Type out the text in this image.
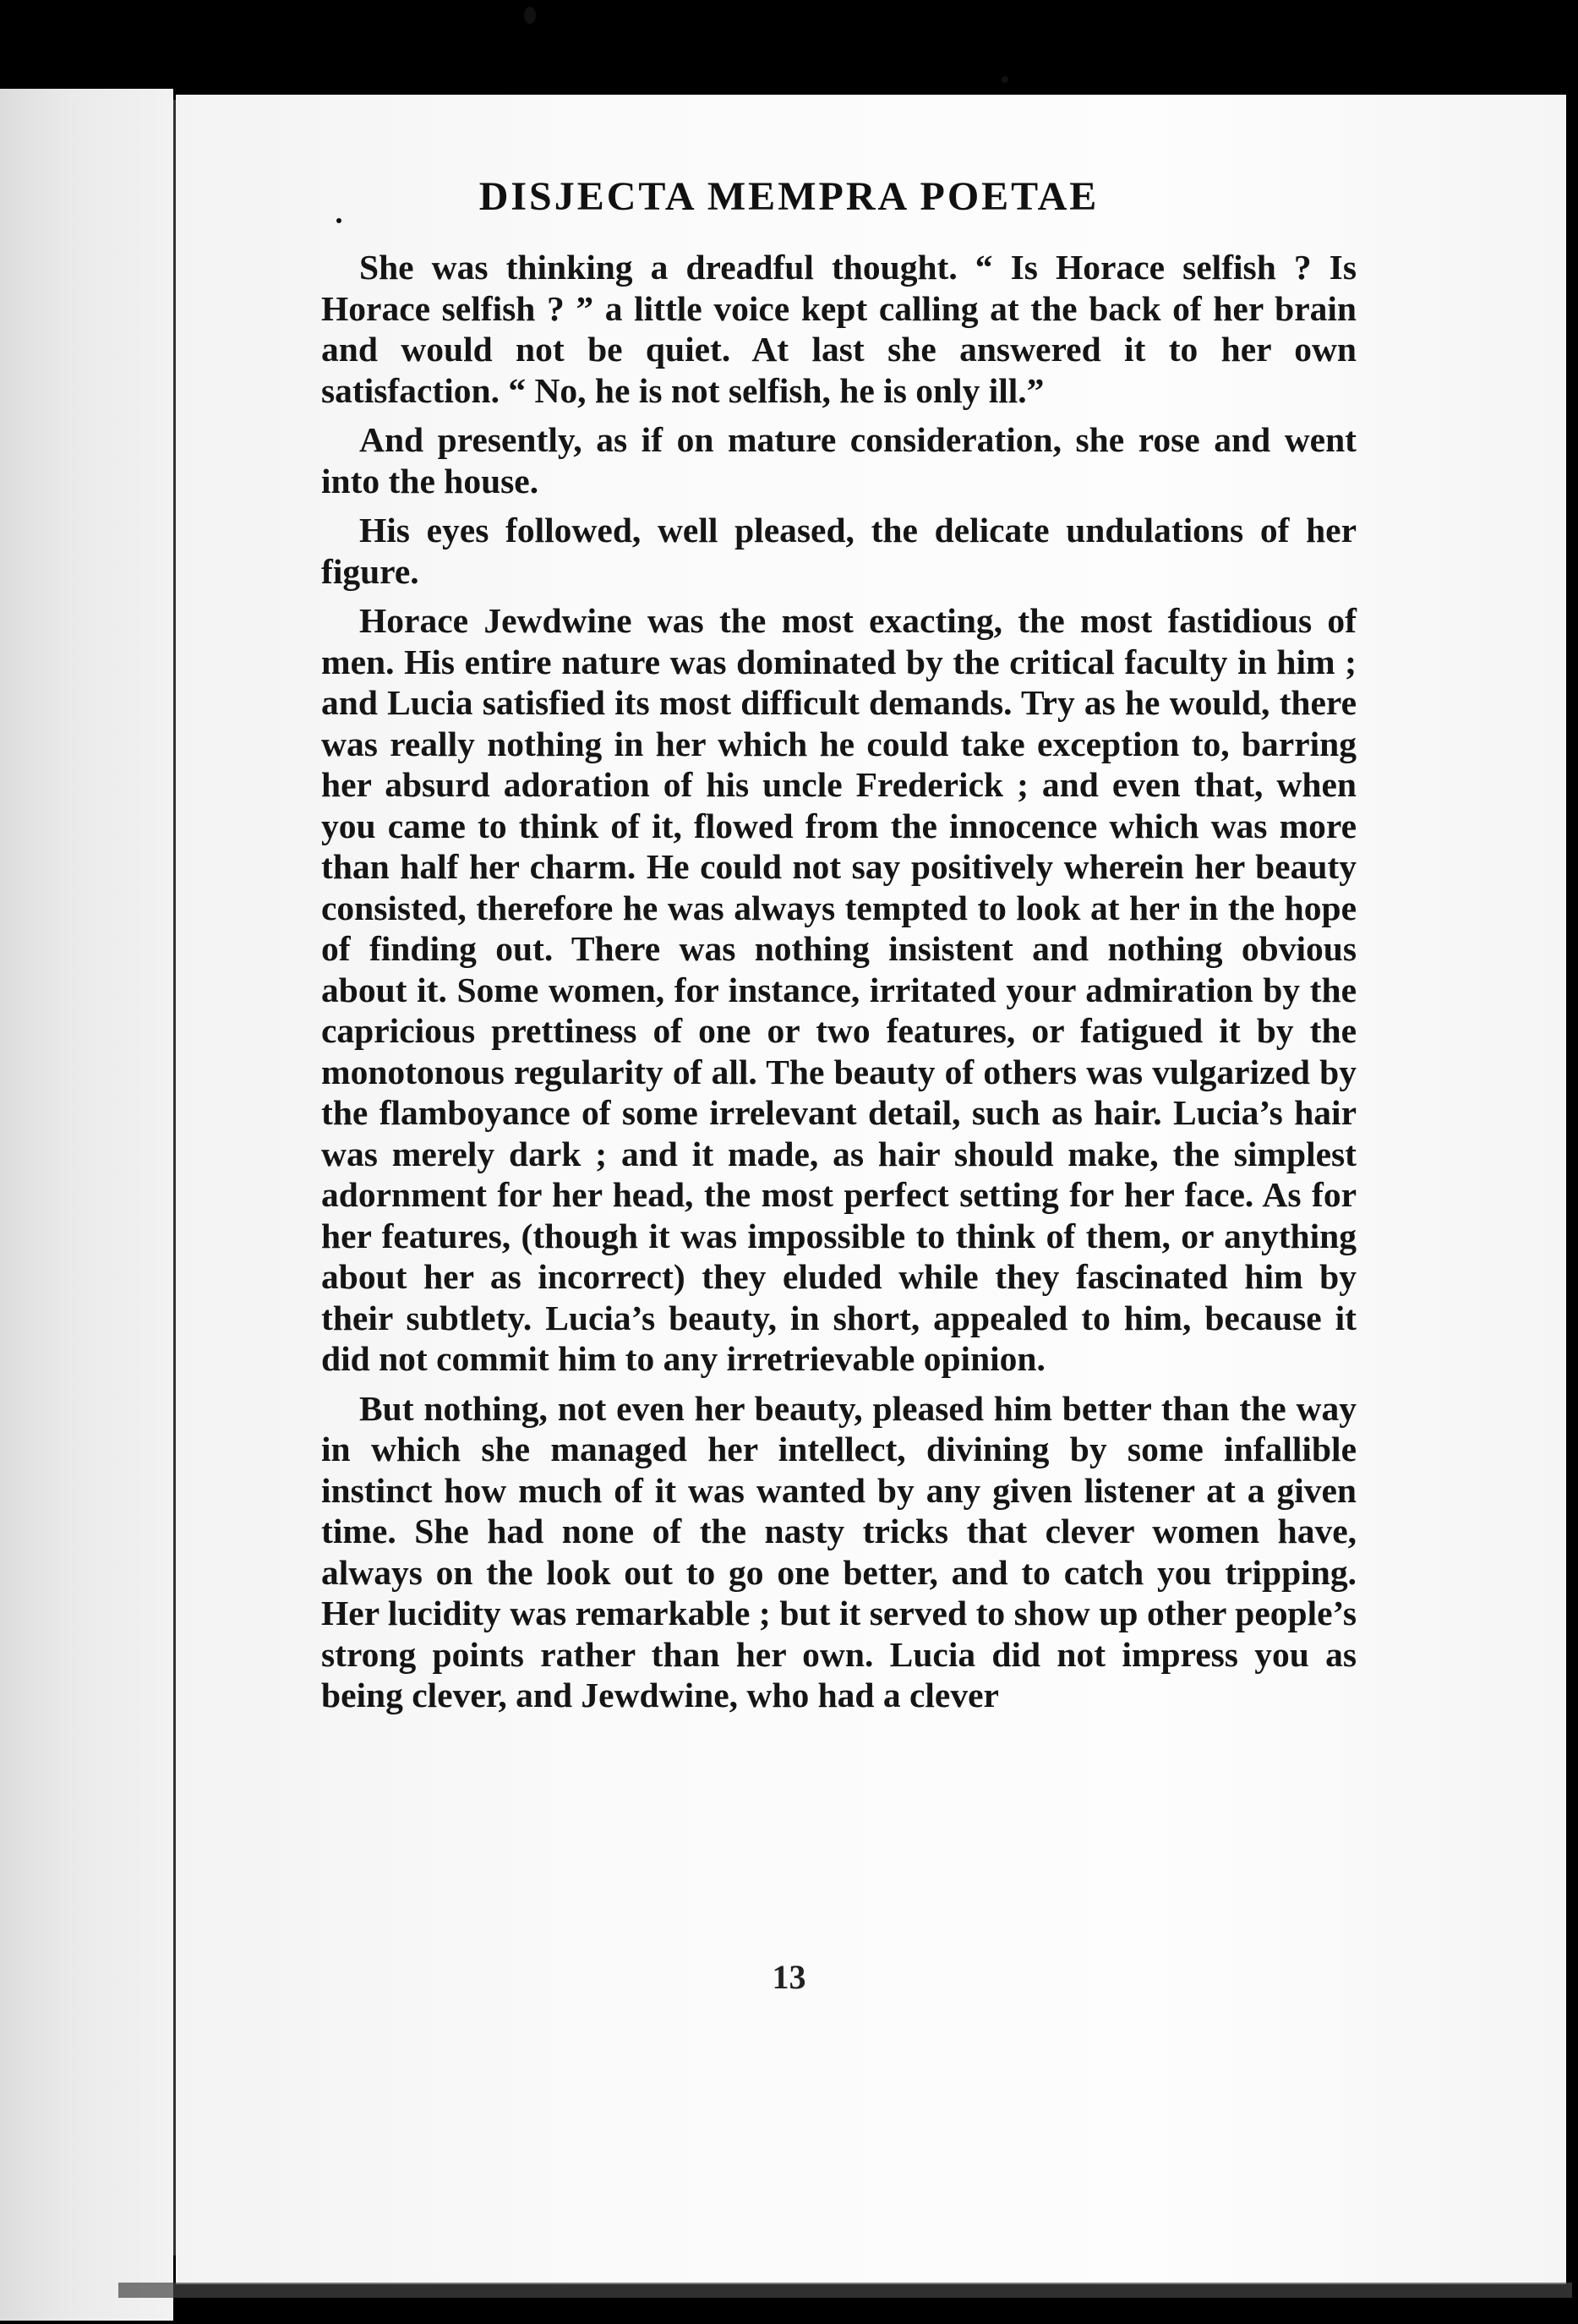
DISJECTA MEMPRA POETAE

She was thinking a dreadful thought. “ Is Horace selfish ? Is Horace selfish ? ” a little voice kept calling at the back of her brain and would not be quiet. At last she answered it to her own satisfaction. “ No, he is not selfish, he is only ill.”

And presently, as if on mature consideration, she rose and went into the house.

His eyes followed, well pleased, the delicate undulations of her figure.

Horace Jewdwine was the most exacting, the most fastidious of men. His entire nature was dominated by the critical faculty in him ; and Lucia satisfied its most difficult demands. Try as he would, there was really nothing in her which he could take exception to, barring her absurd adoration of his uncle Frederick ; and even that, when you came to think of it, flowed from the innocence which was more than half her charm. He could not say positively wherein her beauty consisted, therefore he was always tempted to look at her in the hope of finding out. There was nothing insistent and nothing obvious about it. Some women, for instance, irritated your admiration by the capricious prettiness of one or two features, or fatigued it by the monotonous regularity of all. The beauty of others was vulgarized by the flamboyance of some irrelevant detail, such as hair. Lucia’s hair was merely dark ; and it made, as hair should make, the simplest adornment for her head, the most perfect setting for her face. As for her features, (though it was impossible to think of them, or anything about her as incorrect) they eluded while they fascinated him by their subtlety. Lucia’s beauty, in short, appealed to him, because it did not commit him to any irretrievable opinion.

But nothing, not even her beauty, pleased him better than the way in which she managed her intellect, divining by some infallible instinct how much of it was wanted by any given listener at a given time. She had none of the nasty tricks that clever women have, always on the look out to go one better, and to catch you tripping. Her lucidity was remarkable ; but it served to show up other people’s strong points rather than her own. Lucia did not impress you as being clever, and Jewdwine, who had a clever

13
